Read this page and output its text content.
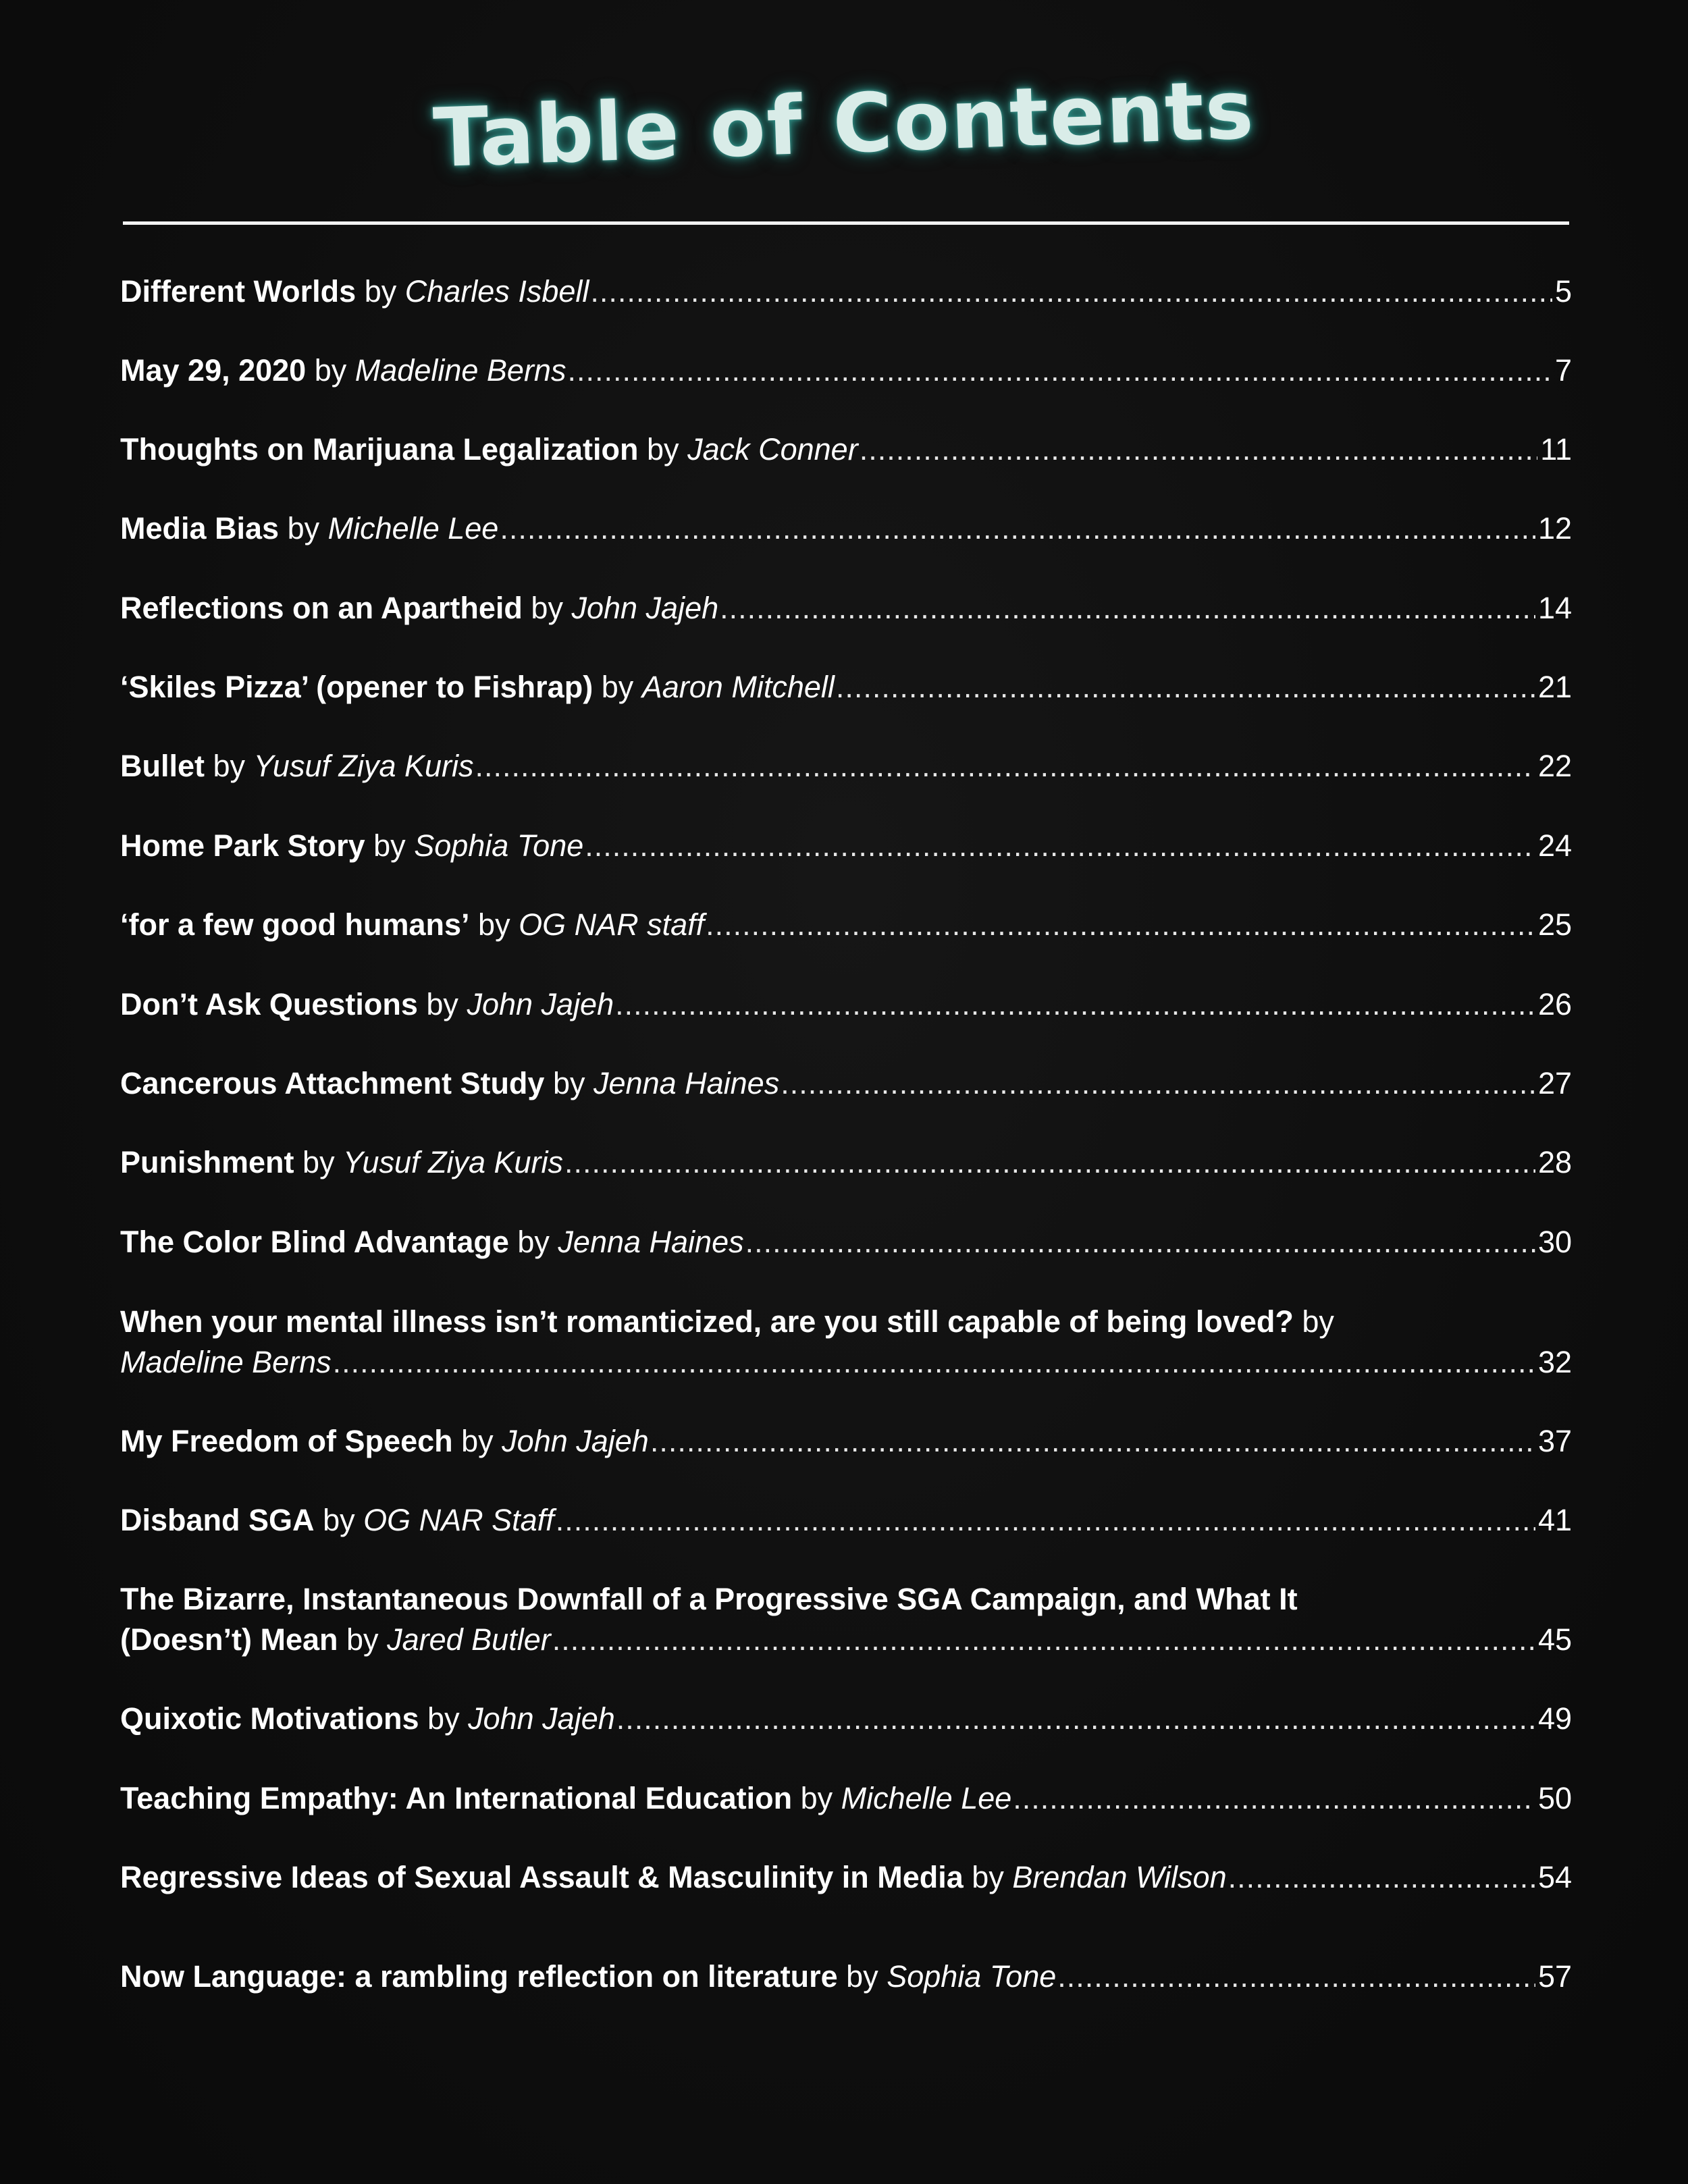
Table of Contents
Different Worlds
by
Charles Isbell .....	5
May 29, 2020
by
Madeline Berns .....	7
Thoughts on Marijuana Legalization
by
Jack Conner .....	11
Media Bias
by
Michelle Lee .....	12
Reflections on an Apartheid
by
John Jajeh .....	14
‘Skiles Pizza’ (opener to Fishrap)
by
Aaron Mitchell .....	21
Bullet
by
Yusuf Ziya Kuris .....	22
Home Park Story
by
Sophia Tone .....	24
‘for a few good humans’
by
OG NAR staff .....	25
Don’t Ask Questions
by
John Jajeh .....	26
Cancerous Attachment Study
by
Jenna Haines .....	27
Punishment
by
Yusuf Ziya Kuris .....	28
The Color Blind Advantage
by
Jenna Haines .....	30
When your mental illness isn’t romanticized, are you still capable of being loved?
by
Madeline Berns .....	32
My Freedom of Speech
by
John Jajeh .....	37
Disband SGA
by
OG NAR Staff .....	41
The Bizarre, Instantaneous Downfall of a Progressive SGA Campaign, and What It
(Doesn’t) Mean
by
Jared Butler .....	45
Quixotic Motivations
by
John Jajeh .....	49
Teaching Empathy: An International Education
by
Michelle Lee .....	50
Regressive Ideas of Sexual Assault & Masculinity in Media
by
Brendan Wilson .....	54
Now Language: a rambling reflection on literature
by
Sophia Tone .....	57
